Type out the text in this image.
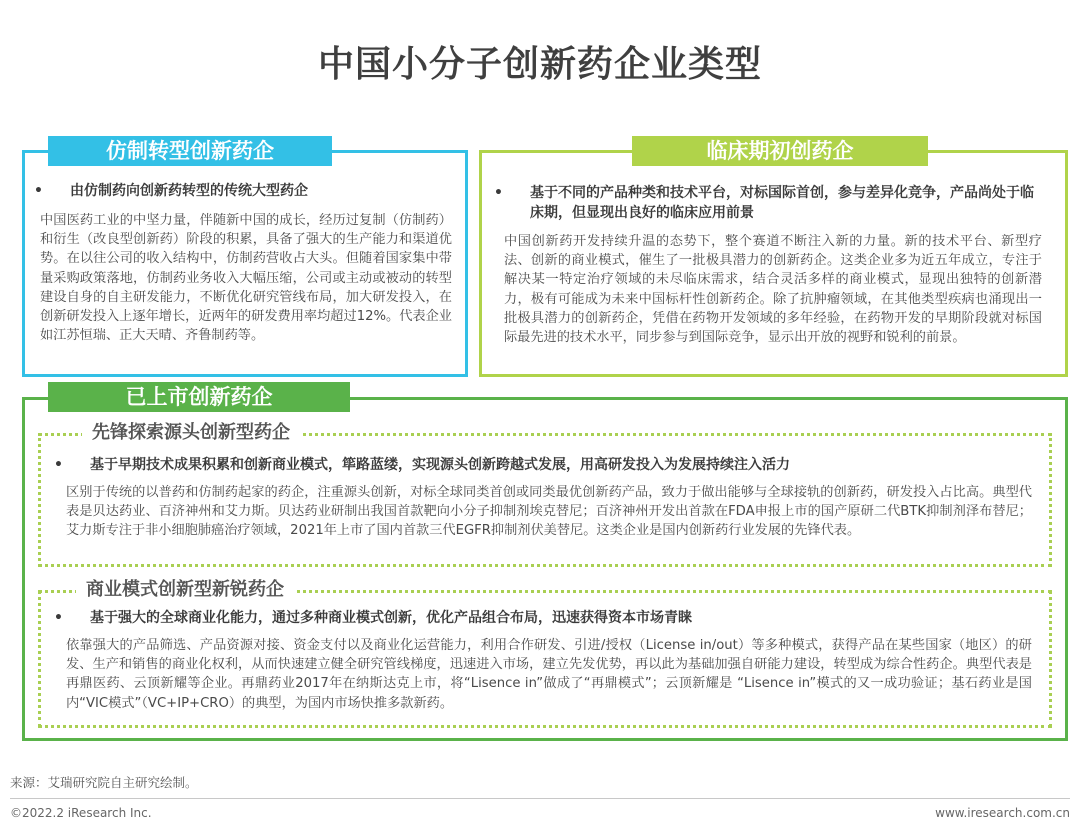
中国小分子创新药企业类型
仿制转型创新药企
•	由仿制药向创新药转型的传统大型药企
中国医药工业的中坚力量，伴随新中国的成长，经历过复制（仿制药）和衍生（改良型创新药）阶段的积累，具备了强大的生产能力和渠道优势。在以往公司的收入结构中，仿制药营收占大头。但随着国家集中带量采购政策落地，仿制药业务收入大幅压缩，公司或主动或被动的转型建设自身的自主研发能力，不断优化研究管线布局，加大研发投入，在创新研发投入上逐年增长，近两年的研发费用率均超过12%。代表企业如江苏恒瑞、正大天晴、齐鲁制药等。
临床期初创药企
•	基于不同的产品种类和技术平台，对标国际首创，参与差异化竞争，产品尚处于临床期，但显现出良好的临床应用前景
中国创新药开发持续升温的态势下，整个赛道不断注入新的力量。新的技术平台、新型疗法、创新的商业模式，催生了一批极具潜力的创新药企。这类企业多为近五年成立，专注于解决某一特定治疗领域的未尽临床需求，结合灵活多样的商业模式，显现出独特的创新潜力，极有可能成为未来中国标杆性创新药企。除了抗肿瘤领域，在其他类型疾病也涌现出一批极具潜力的创新药企，凭借在药物开发领域的多年经验，在药物开发的早期阶段就对标国际最先进的技术水平，同步参与到国际竞争，显示出开放的视野和锐利的前景。
已上市创新药企
先锋探索源头创新型药企
•	基于早期技术成果积累和创新商业模式，筚路蓝缕，实现源头创新跨越式发展，用高研发投入为发展持续注入活力
区别于传统的以普药和仿制药起家的药企，注重源头创新，对标全球同类首创或同类最优创新药产品，致力于做出能够与全球接轨的创新药，研发投入占比高。典型代表是贝达药业、百济神州和艾力斯。贝达药业研制出我国首款靶向小分子抑制剂埃克替尼；百济神州开发出首款在FDA申报上市的国产原研二代BTK抑制剂泽布替尼；艾力斯专注于非小细胞肺癌治疗领域，2021年上市了国内首款三代EGFR抑制剂伏美替尼。这类企业是国内创新药行业发展的先锋代表。
商业模式创新型新锐药企
•	基于强大的全球商业化能力，通过多种商业模式创新，优化产品组合布局，迅速获得资本市场青睐
依靠强大的产品筛选、产品资源对接、资金支付以及商业化运营能力，利用合作研发、引进/授权（License in/out）等多种模式，获得产品在某些国家（地区）的研发、生产和销售的商业化权利，从而快速建立健全研究管线梯度，迅速进入市场，建立先发优势，再以此为基础加强自研能力建设，转型成为综合性药企。典型代表是再鼎医药、云顶新耀等企业。再鼎药业2017年在纳斯达克上市，将“Lisence in”做成了“再鼎模式”；云顶新耀是 “Lisence in”模式的又一成功验证；基石药业是国内“VIC模式”（VC+IP+CRO）的典型，为国内市场快推多款新药。
来源：艾瑞研究院自主研究绘制。
©2022.2 iResearch Inc.	www.iresearch.com.cn
